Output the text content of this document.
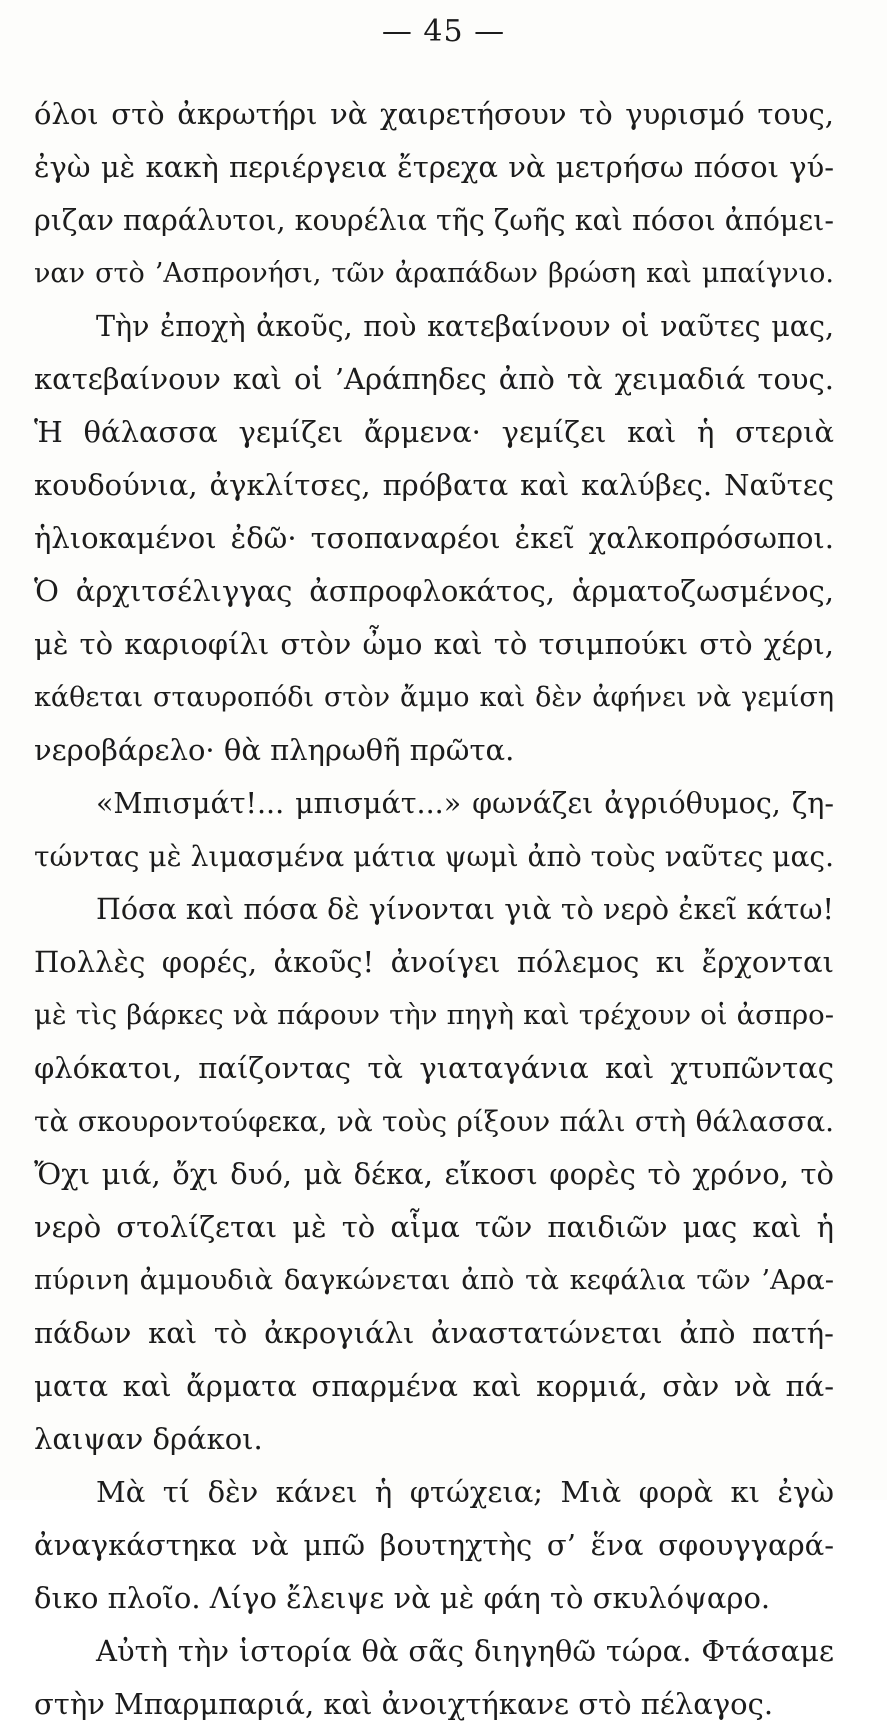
— 45 —
όλοι στὸ ἀκρωτήρι νὰ χαιρετήσουν τὸ γυρισμό τους,
ἐγὼ μὲ κακὴ περιέργεια ἔτρεχα νὰ μετρήσω πόσοι γύ-
ριζαν παράλυτοι, κουρέλια τῆς ζωῆς καὶ πόσοι ἀπόμει-
ναν στὸ ’Ασπρονήσι, τῶν ἀραπάδων βρώση καὶ μπαίγνιο.
Τὴν ἐποχὴ ἀκοῦς, ποὺ κατεβαίνουν οἱ ναῦτες μας,
κατεβαίνουν καὶ οἱ ’Αράπηδες ἀπὸ τὰ χειμαδιά τους.
Ἡ θάλασσα γεμίζει ἄρμενα· γεμίζει καὶ ἡ στεριὰ
κουδούνια, ἀγκλίτσες, πρόβατα καὶ καλύβες. Ναῦτες
ἡλιοκαμένοι ἐδῶ· τσοπαναρέοι ἐκεῖ χαλκοπρόσωποι.
Ὁ ἀρχιτσέλιγγας ἀσπροφλοκάτος, ἁρματοζωσμένος,
μὲ τὸ καριοφίλι στὸν ὦμο καὶ τὸ τσιμπούκι στὸ χέρι,
κάθεται σταυροπόδι στὸν ἄμμο καὶ δὲν ἀφήνει νὰ γεμίση
νεροβάρελο· θὰ πληρωθῆ πρῶτα.
«Μπισμάτ!... μπισμάτ...» φωνάζει ἀγριόθυμος, ζη-
τώντας μὲ λιμασμένα μάτια ψωμὶ ἀπὸ τοὺς ναῦτες μας.
Πόσα καὶ πόσα δὲ γίνονται γιὰ τὸ νερὸ ἐκεῖ κάτω!
Πολλὲς φορές, ἀκοῦς! ἀνοίγει πόλεμος κι ἔρχονται
μὲ τὶς βάρκες νὰ πάρουν τὴν πηγὴ καὶ τρέχουν οἱ ἀσπρο-
φλόκατοι, παίζοντας τὰ γιαταγάνια καὶ χτυπῶντας
τὰ σκουροντούφεκα, νὰ τοὺς ρίξουν πάλι στὴ θάλασσα.
Ὄχι μιά, ὄχι δυό, μὰ δέκα, εἴκοσι φορὲς τὸ χρόνο, τὸ
νερὸ στολίζεται μὲ τὸ αἷμα τῶν παιδιῶν μας καὶ ἡ
πύρινη ἀμμουδιὰ δαγκώνεται ἀπὸ τὰ κεφάλια τῶν ’Αρα-
πάδων καὶ τὸ ἀκρογιάλι ἀναστατώνεται ἀπὸ πατή-
ματα καὶ ἄρματα σπαρμένα καὶ κορμιά, σὰν νὰ πά-
λαιψαν δράκοι.
Μὰ τί δὲν κάνει ἡ φτώχεια; Μιὰ φορὰ κι ἐγὼ
ἀναγκάστηκα νὰ μπῶ βουτηχτὴς σ’ ἕνα σφουγγαρά-
δικο πλοῖο. Λίγο ἔλειψε νὰ μὲ φάη τὸ σκυλόψαρο.
Αὐτὴ τὴν ἱστορία θὰ σᾶς διηγηθῶ τώρα. Φτάσαμε
στὴν Μπαρμπαριά, καὶ ἀνοιχτήκανε στὸ πέλαγος.
